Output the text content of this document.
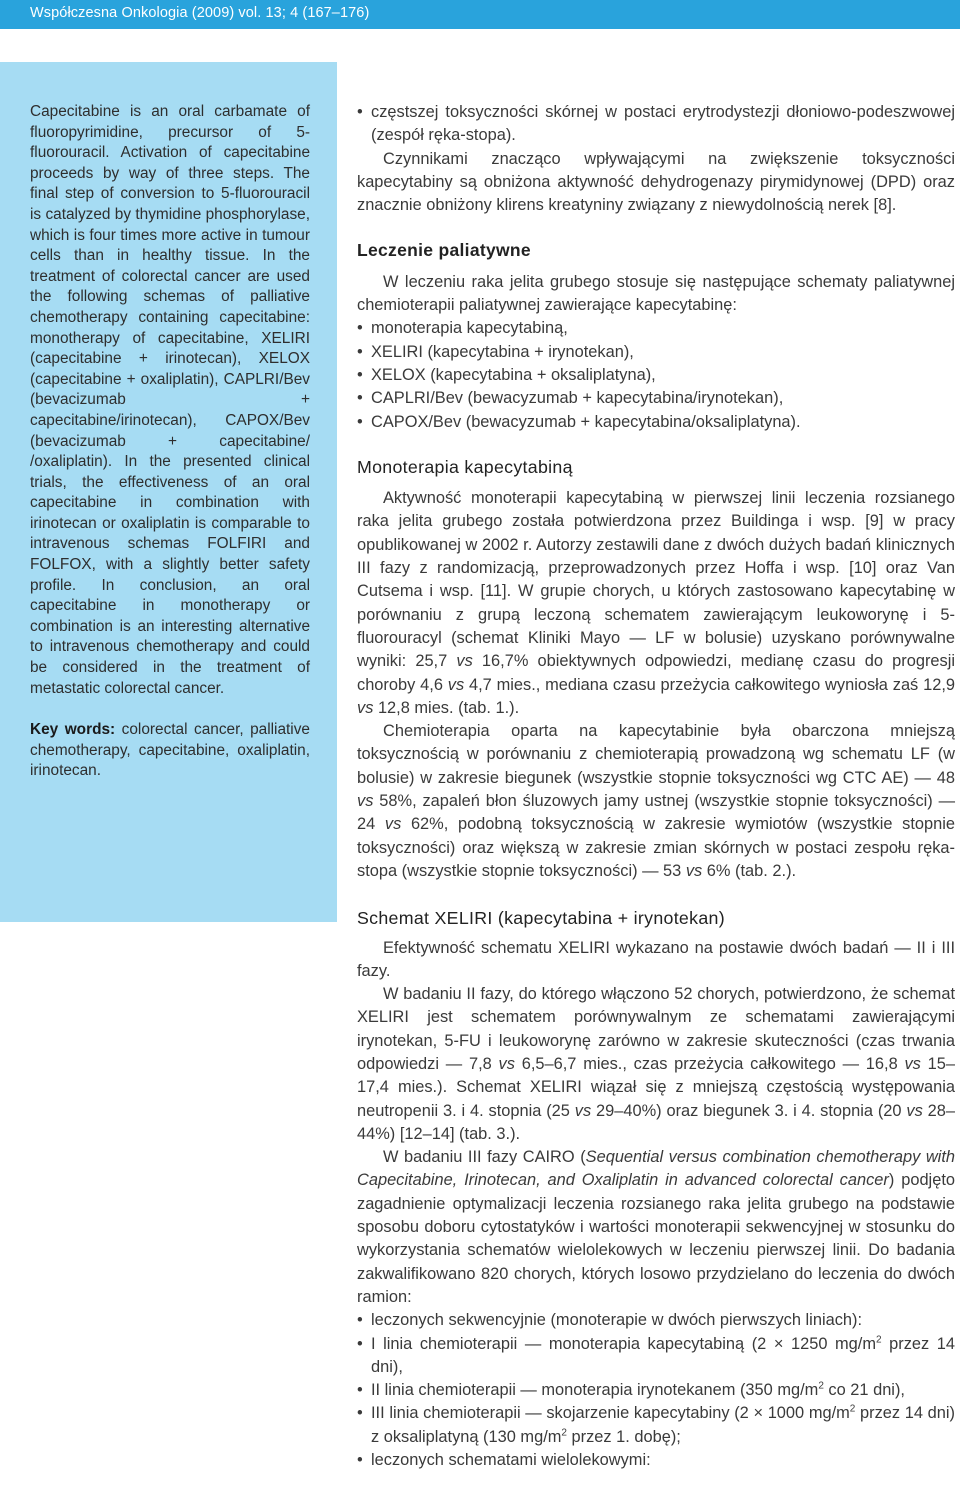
Współczesna Onkologia (2009) vol. 13; 4 (167–176)

Capecitabine is an oral carbamate of fluoropyrimidine, precursor of 5-fluorouracil. Activation of capecitabine proceeds by way of three steps. The final step of conversion to 5-fluorouracil is catalyzed by thymidine phosphorylase, which is four times more active in tumour cells than in healthy tissue. In the treatment of colorectal cancer are used the following schemas of palliative chemotherapy containing capecitabine: monotherapy of capecitabine, XELIRI (capecitabine + irinotecan), XELOX (capecitabine + oxaliplatin), CAPLRI/Bev (bevacizumab + capecitabine/irinotecan), CAPOX/Bev (bevacizumab + capecitabine/ /oxaliplatin). In the presented clinical trials, the effectiveness of an oral capecitabine in combination with irinotecan or oxaliplatin is comparable to intravenous schemas FOLFIRI and FOLFOX, with a slightly better safety profile. In conclusion, an oral capecitabine in monotherapy or combination is an interesting alternative to intravenous chemotherapy and could be considered in the treatment of metastatic colorectal cancer.

Key words: colorectal cancer, palliative chemotherapy, capecitabine, oxaliplatin, irinotecan.

• częstszej toksyczności skórnej w postaci erytrodystezji dłoniowo-podeszwowej (zespół ręka-stopa).

Czynnikami znacząco wpływającymi na zwiększenie toksyczności kapecytabiny są obniżona aktywność dehydrogenazy pirymidynowej (DPD) oraz znacznie obniżony klirens kreatyniny związany z niewydolnością nerek [8].

Leczenie paliatywne

W leczeniu raka jelita grubego stosuje się następujące schematy paliatywnej chemioterapii paliatywnej zawierające kapecytabinę:

• monoterapia kapecytabiną,
• XELIRI (kapecytabina + irynotekan),
• XELOX (kapecytabina + oksaliplatyna),
• CAPLRI/Bev (bewacyzumab + kapecytabina/irynotekan),
• CAPOX/Bev (bewacyzumab + kapecytabina/oksaliplatyna).
Monoterapia kapecytabiną

Aktywność monoterapii kapecytabiną w pierwszej linii leczenia rozsianego raka jelita grubego została potwierdzona przez Buildinga i wsp. [9] w pracy opublikowanej w 2002 r. Autorzy zestawili dane z dwóch dużych badań klinicznych III fazy z randomizacją, przeprowadzonych przez Hoffa i wsp. [10] oraz Van Cutsema i wsp. [11]. W grupie chorych, u których zastosowano kapecytabinę w porównaniu z grupą leczoną schematem zawierającym leukoworynę i 5-fluorouracyl (schemat Kliniki Mayo — LF w bolusie) uzyskano porównywalne wyniki: 25,7 vs 16,7% obiektywnych odpowiedzi, medianę czasu do progresji choroby 4,6 vs 4,7 mies., mediana czasu przeżycia całkowitego wyniosła zaś 12,9 vs 12,8 mies. (tab. 1.).

Chemioterapia oparta na kapecytabinie była obarczona mniejszą toksycznością w porównaniu z chemioterapią prowadzoną wg schematu LF (w bolusie) w zakresie biegunek (wszystkie stopnie toksyczności wg CTC AE) — 48 vs 58%, zapaleń błon śluzowych jamy ustnej (wszystkie stopnie toksyczności) — 24 vs 62%, podobną toksycznością w zakresie wymiotów (wszystkie stopnie toksyczności) oraz większą w zakresie zmian skórnych w postaci zespołu ręka-stopa (wszystkie stopnie toksyczności) — 53 vs 6% (tab. 2.).

Schemat XELIRI (kapecytabina + irynotekan)

Efektywność schematu XELIRI wykazano na postawie dwóch badań — II i III fazy.

W badaniu II fazy, do którego włączono 52 chorych, potwierdzono, że schemat XELIRI jest schematem porównywalnym ze schematami zawierającymi irynotekan, 5-FU i leukoworynę zarówno w zakresie skuteczności (czas trwania odpowiedzi — 7,8 vs 6,5–6,7 mies., czas przeżycia całkowitego — 16,8 vs 15–17,4 mies.). Schemat XELIRI wiązał się z mniejszą częstością występowania neutropenii 3. i 4. stopnia (25 vs 29–40%) oraz biegunek 3. i 4. stopnia (20 vs 28–44%) [12–14] (tab. 3.).

W badaniu III fazy CAIRO (Sequential versus combination chemotherapy with Capecitabine, Irinotecan, and Oxaliplatin in advanced colorectal cancer) podjęto zagadnienie optymalizacji leczenia rozsianego raka jelita grubego na podstawie sposobu doboru cytostatyków i wartości monoterapii sekwencyjnej w stosunku do wykorzystania schematów wielolekowych w leczeniu pierwszej linii. Do badania zakwalifikowano 820 chorych, których losowo przydzielano do leczenia do dwóch ramion:

• leczonych sekwencyjnie (monoterapie w dwóch pierwszych liniach):
• I linia chemioterapii — monoterapia kapecytabiną (2 × 1250 $mg/m^2$ przez 14 dni),
• II linia chemioterapii — monoterapia irynotekanem (350 $mg/m^2$ co 21 dni),
• III linia chemioterapii — skojarzenie kapecytabiny (2 × 1000 $mg/m^2$ przez 14 dni) z oksaliplatyną (130 $mg/m^2$ przez 1. dobę);
• leczonych schematami wielolekowymi:
